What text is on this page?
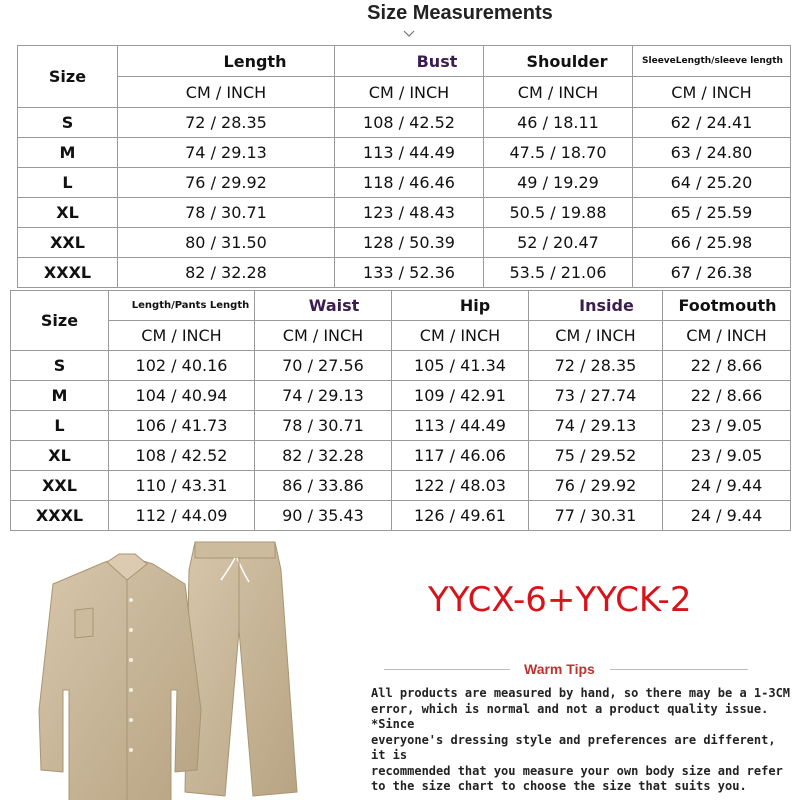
Size Measurements
Size	Length	Bust	Shoulder	SleeveLength/sleeve length
	CM / INCH	CM / INCH	CM / INCH	CM / INCH
S	72 / 28.35	108 / 42.52	46 / 18.11	62 / 24.41
M	74 / 29.13	113 / 44.49	47.5 / 18.70	63 / 24.80
L	76 / 29.92	118 / 46.46	49 / 19.29	64 / 25.20
XL	78 / 30.71	123 / 48.43	50.5 / 19.88	65 / 25.59
XXL	80 / 31.50	128 / 50.39	52 / 20.47	66 / 25.98
XXXL	82 / 32.28	133 / 52.36	53.5 / 21.06	67 / 26.38
Size	Length/Pants Length	Waist	Hip	Inside	Footmouth
	CM / INCH	CM / INCH	CM / INCH	CM / INCH	CM / INCH
S	102 / 40.16	70 / 27.56	105 / 41.34	72 / 28.35	22 / 8.66
M	104 / 40.94	74 / 29.13	109 / 42.91	73 / 27.74	22 / 8.66
L	106 / 41.73	78 / 30.71	113 / 44.49	74 / 29.13	23 / 9.05
XL	108 / 42.52	82 / 32.28	117 / 46.06	75 / 29.52	23 / 9.05
XXL	110 / 43.31	86 / 33.86	122 / 48.03	76 / 29.92	24 / 9.44
XXXL	112 / 44.09	90 / 35.43	126 / 49.61	77 / 30.31	24 / 9.44
YYCX-6+YYCK-2
Warm Tips
All products are measured by hand, so there may be a 1-3CM
error, which is normal and not a product quality issue. *Since
everyone's dressing style and preferences are different, it is
recommended that you measure your own body size and refer
to the size chart to choose the size that suits you.
